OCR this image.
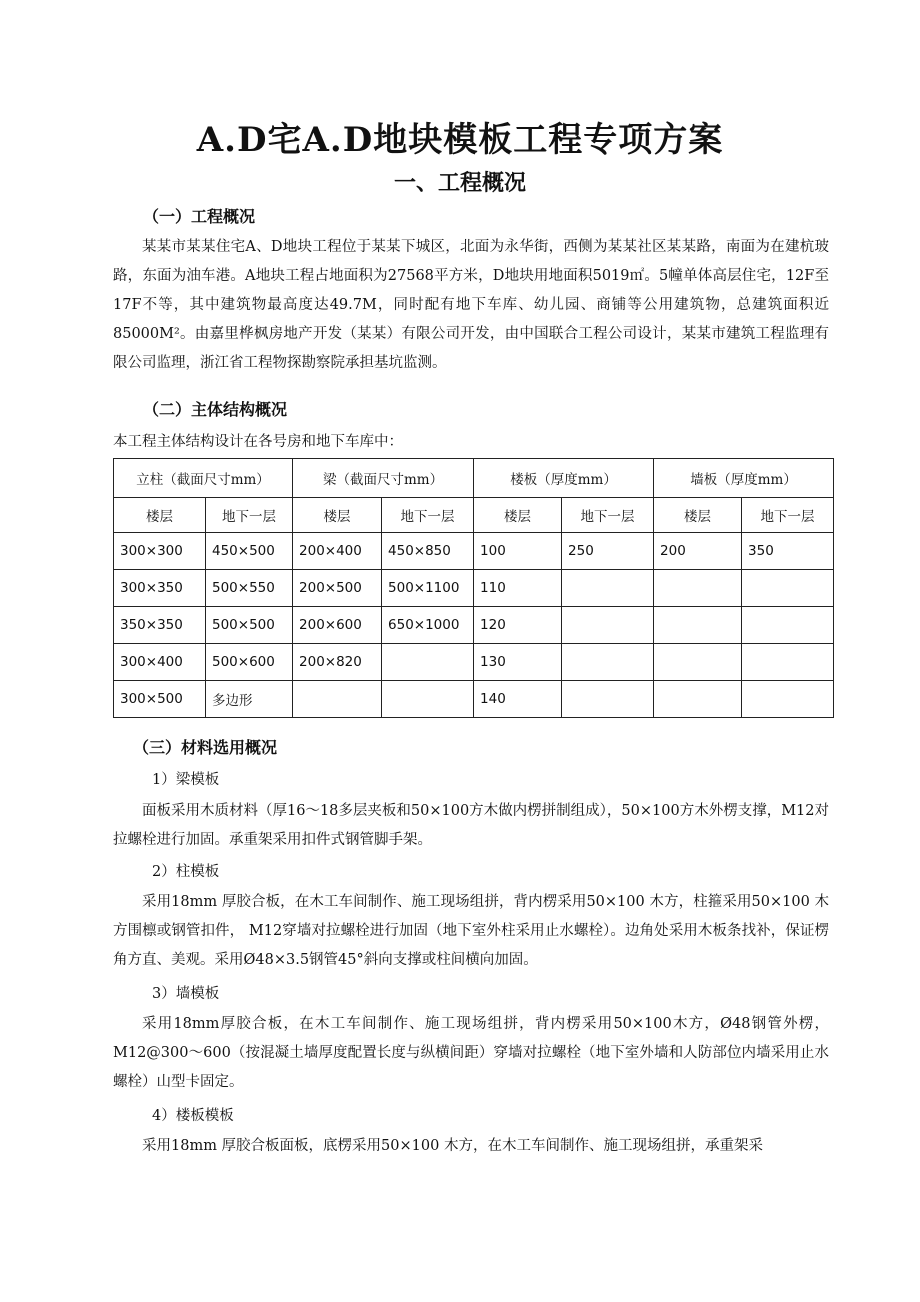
A.D宅A.D地块模板工程专项方案
一、工程概况
（一）工程概况

某某市某某住宅A、D地块工程位于某某下城区，北面为永华街，西侧为某某社区某某路，南面为在建杭玻路，东面为油车港。A地块工程占地面积为27568平方米，D地块用地面积5019㎡。5幢单体高层住宅，12F至17F不等，其中建筑物最高度达49.7M，同时配有地下车库、幼儿园、商铺等公用建筑物，总建筑面积近85000M²。由嘉里桦枫房地产开发（某某）有限公司开发，由中国联合工程公司设计，某某市建筑工程监理有限公司监理，浙江省工程物探勘察院承担基坑监测。

（二）主体结构概况

本工程主体结构设计在各号房和地下车库中：

立柱（截面尺寸mm）		梁（截面尺寸mm）		楼板（厚度mm）		墙板（厚度mm）	
楼层	地下一层	楼层	地下一层	楼层	地下一层	楼层	地下一层
300×300	450×500	200×400	450×850	100	250	200	350
300×350	500×550	200×500	500×1100	110			
350×350	500×500	200×600	650×1000	120			
300×400	500×600	200×820		130			
300×500	多边形			140			
（三）材料选用概况

1）梁模板

面板采用木质材料（厚16～18多层夹板和50×100方木做内楞拼制组成），50×100方木外楞支撑，M12对拉螺栓进行加固。承重架采用扣件式钢管脚手架。

2）柱模板

采用18mm 厚胶合板，在木工车间制作、施工现场组拼，背内楞采用50×100 木方，柱箍采用50×100 木方围檩或钢管扣件， M12穿墙对拉螺栓进行加固（地下室外柱采用止水螺栓）。边角处采用木板条找补，保证楞角方直、美观。采用Ø48×3.5钢管45°斜向支撑或柱间横向加固。

3）墙模板

采用18mm厚胶合板，在木工车间制作、施工现场组拼，背内楞采用50×100木方，Ø48钢管外楞，M12@300～600（按混凝土墙厚度配置长度与纵横间距）穿墙对拉螺栓（地下室外墙和人防部位内墙采用止水螺栓）山型卡固定。

4）楼板模板

采用18mm 厚胶合板面板，底楞采用50×100 木方，在木工车间制作、施工现场组拼，承重架采
